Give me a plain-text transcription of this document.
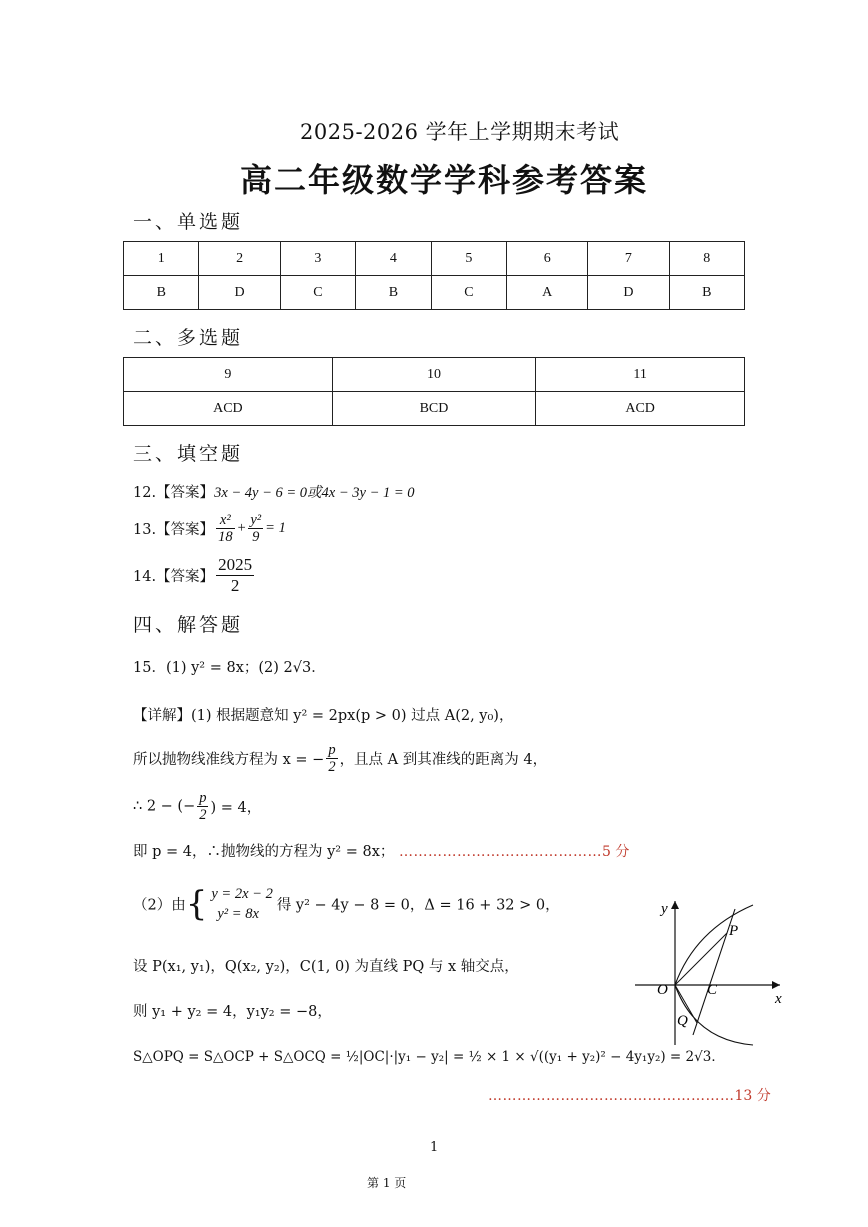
2025-2026 学年上学期期末考试
高二年级数学学科参考答案
一、单选题
1	2	3	4	5	6	7	8
B	D	C	B	C	A	D	B
二、多选题
9	10	11
ACD	BCD	ACD
三、填空题
12.【答案】3x − 4y − 6 = 0或4x − 3y − 1 = 0
13.【答案】 $\frac{\text{x²}}{18} + \frac{\text{y²}}{9} = 1$
14.【答案】 $\frac{2025}{2}$
四、解答题
15．(1) y² = 8x；(2) 2√3．
【详解】(1) 根据题意知 y² = 2px(p > 0) 过点 A(2, y₀)，
所以抛物线准线方程为 x = − $\frac{p}{2}$ ，且点 A 到其准线的距离为 4，
∴ 2 − (− $\frac{p}{2}$ ) = 4，
即 p = 4，∴抛物线的方程为 y² = 8x； ……………………………………5 分
（2）由{ y = 2x − 2
y² = 8x
得 y² − 4y − 8 = 0，Δ = 16 + 32 > 0，
设 P(x₁, y₁)，Q(x₂, y₂)，C(1, 0) 为直线 PQ 与 x 轴交点，
则 y₁ + y₂ = 4，y₁y₂ = −8，
S△OPQ = S△OCP + S△OCQ = ½|OC|·|y₁ − y₂| = ½ × 1 × √((y₁ + y₂)² − 4y₁y₂) = 2√3．
……………………………………………13 分
x
y
O	C
P
Q
1
第 1 页
